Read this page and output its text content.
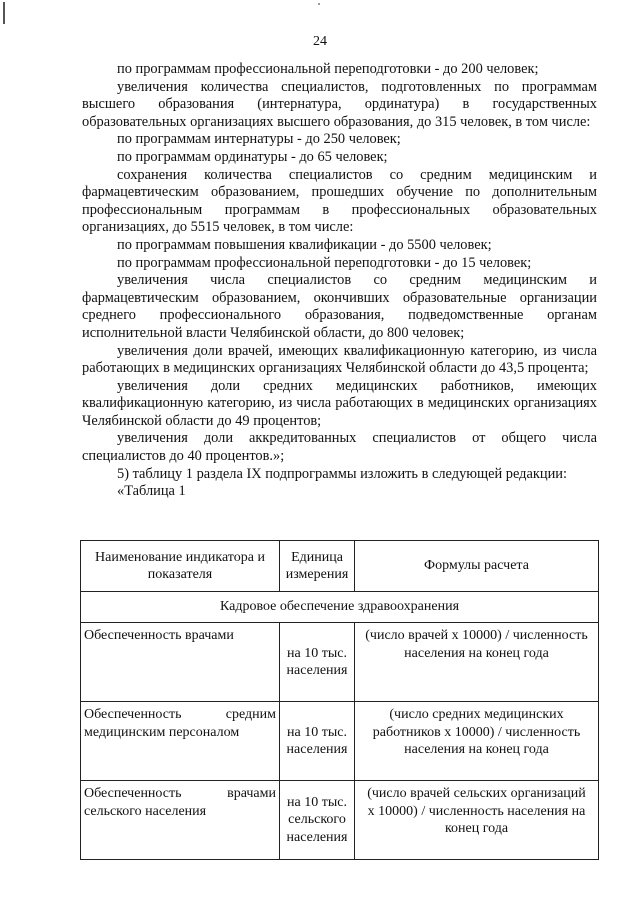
24

по программам профессиональной переподготовки - до 200 человек;

увеличения количества специалистов, подготовленных по программам высшего образования (интернатура, ординатура) в государственных образовательных организациях высшего образования, до 315 человек, в том числе:

по программам интернатуры - до 250 человек;

по программам ординатуры - до 65 человек;

сохранения количества специалистов со средним медицинским и фармацевтическим образованием, прошедших обучение по дополнительным профессиональным программам в профессиональных образовательных организациях, до 5515 человек, в том числе:

по программам повышения квалификации - до 5500 человек;

по программам профессиональной переподготовки - до 15 человек;

увеличения числа специалистов со средним медицинским и фармацевтическим образованием, окончивших образовательные организации среднего профессионального образования, подведомственные органам исполнительной власти Челябинской области, до 800 человек;

увеличения доли врачей, имеющих квалификационную категорию, из числа работающих в медицинских организациях Челябинской области до 43,5 процента;

увеличения доли средних медицинских работников, имеющих квалификационную категорию, из числа работающих в медицинских организациях Челябинской области до 49 процентов;

увеличения доли аккредитованных специалистов от общего числа специалистов до 40 процентов.»;

5) таблицу 1 раздела IX подпрограммы изложить в следующей редакции:

«Таблица 1

Наименование индикатора и показателя	Единица измерения	Формулы расчета
Кадровое обеспечение здравоохранения		
Обеспеченность врачами	на 10 тыс. населения	(число врачей х 10000) / численность населения на конец года
Обеспеченность средним медицинским персоналом	на 10 тыс. населения	(число средних медицинских работников х 10000) / численность населения на конец года
Обеспеченность врачами сельского населения	на 10 тыс. сельского населения	(число врачей сельских организаций х 10000) / численность населения на конец года
